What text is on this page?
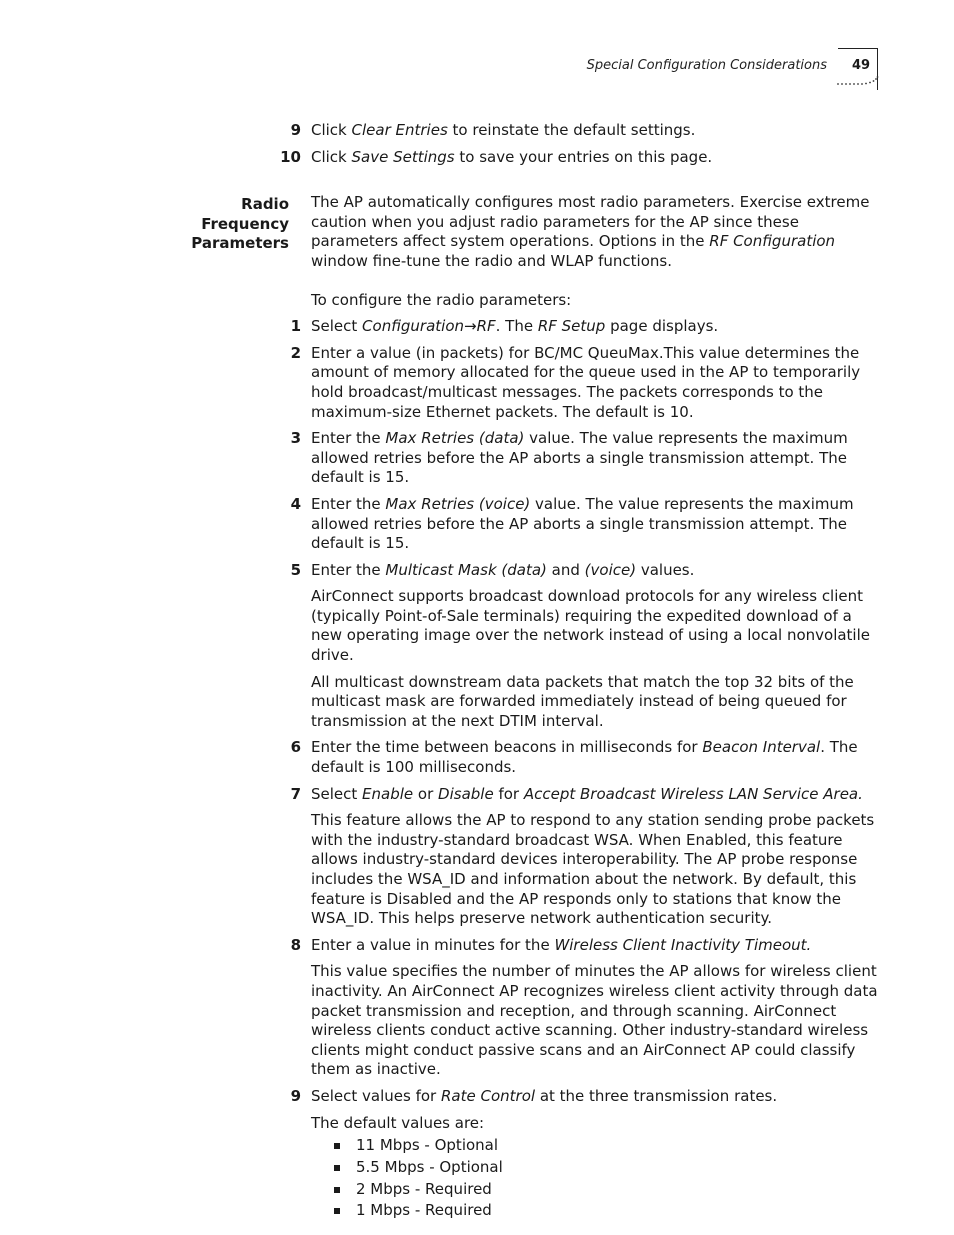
Special Configuration Considerations 49
Radio Frequency
Parameters
9 Click Clear Entries to reinstate the default settings.
10 Click Save Settings to save your entries on this page.

The AP automatically configures most radio parameters. Exercise extreme caution when you adjust radio parameters for the AP since these parameters affect system operations. Options in the RF Configuration window fine-tune the radio and WLAP functions.

To configure the radio parameters:

1 Select Configuration→RF. The RF Setup page displays.
2 Enter a value (in packets) for BC/MC QueuMax.This value determines the amount of memory allocated for the queue used in the AP to temporarily hold broadcast/multicast messages. The packets corresponds to the maximum-size Ethernet packets. The default is 10.
3 Enter the Max Retries (data) value. The value represents the maximum allowed retries before the AP aborts a single transmission attempt. The default is 15.
4 Enter the Max Retries (voice) value. The value represents the maximum allowed retries before the AP aborts a single transmission attempt. The default is 15.
5 Enter the Multicast Mask (data) and (voice) values.

AirConnect supports broadcast download protocols for any wireless client (typically Point-of-Sale terminals) requiring the expedited download of a new operating image over the network instead of using a local nonvolatile drive.

All multicast downstream data packets that match the top 32 bits of the multicast mask are forwarded immediately instead of being queued for transmission at the next DTIM interval.

6 Enter the time between beacons in milliseconds for Beacon Interval. The default is 100 milliseconds.
7 Select Enable or Disable for Accept Broadcast Wireless LAN Service Area.

This feature allows the AP to respond to any station sending probe packets with the industry-standard broadcast WSA. When Enabled, this feature allows industry-standard devices interoperability. The AP probe response includes the WSA_ID and information about the network. By default, this feature is Disabled and the AP responds only to stations that know the WSA_ID. This helps preserve network authentication security.

8 Enter a value in minutes for the Wireless Client Inactivity Timeout.

This value specifies the number of minutes the AP allows for wireless client inactivity. An AirConnect AP recognizes wireless client activity through data packet transmission and reception, and through scanning. AirConnect wireless clients conduct active scanning. Other industry-standard wireless clients might conduct passive scans and an AirConnect AP could classify them as inactive.

9 Select values for Rate Control at the three transmission rates.

The default values are:

11 Mbps - Optional
5.5 Mbps - Optional
2 Mbps - Required
1 Mbps - Required
